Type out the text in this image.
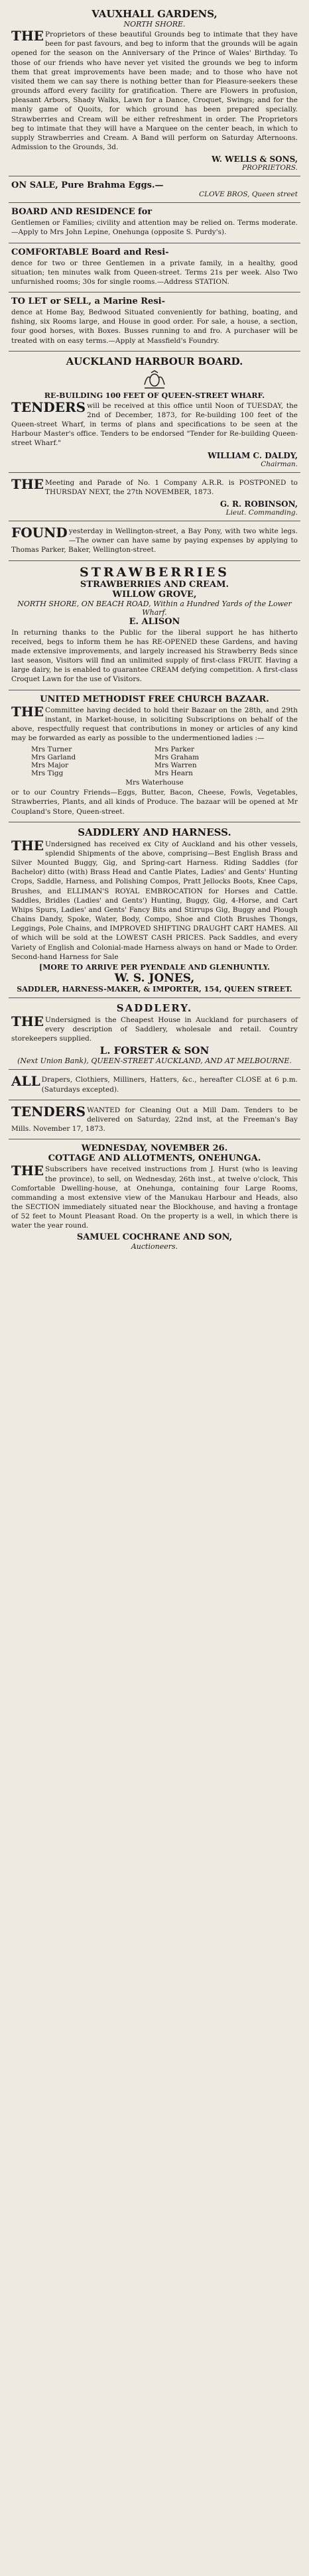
VAUXHALL GARDENS,
NORTH SHORE.
THE Proprietors of these beautiful Grounds beg to intimate that they have been for past favours, and beg to inform that the grounds will be again opened for the season on the Anniversary of the Prince of Wales' Birthday. To those of our friends who have never yet visited the grounds we beg to inform them that great improvements have been made; and to those who have not visited them we can say there is nothing better than for Pleasure-seekers these grounds afford every facility for gratification. There are Flowers in profusion, pleasant Arbors, Shady Walks, Lawn for a Dance, Croquet, Swings; and for the manly game of Quoits, for which ground has been prepared specially. Strawberries and Cream will be either refreshment in order. The Proprietors beg to intimate that they will have a Marquee on the center beach, in which to supply Strawberries and Cream. A Band will perform on Saturday Afternoons. Admission to the Grounds, 3d.
W. WELLS & SONS,
PROPRIETORS.
ON SALE, Pure Brahma Eggs.—
CLOVE BROS, Queen street
BOARD AND RESIDENCE for
Gentlemen or Families; civility and attention may be relied on. Terms moderate.—Apply to Mrs John Lepine, Onehunga (opposite S. Purdy's).
COMFORTABLE Board and Resi-
dence for two or three Gentlemen in a private family, in a healthy, good situation; ten minutes walk from Queen-street. Terms 21s per week. Also Two unfurnished rooms; 30s for single rooms.—Address STATION.
TO LET or SELL, a Marine Resi-
dence at Home Bay, Bedwood Situated conveniently for bathing, boating, and fishing, six Rooms large, and House in good order. For sale, a house, a section, four good horses, with Boxes. Busses running to and fro. A purchaser will be treated with on easy terms.—Apply at Massfield's Foundry.
AUCKLAND HARBOUR BOARD.
RE-BUILDING 100 FEET OF QUEEN-STREET WHARF.
TENDERS will be received at this office until Noon of TUESDAY, the 2nd of December, 1873, for Re-building 100 feet of the Queen-street Wharf, in terms of plans and specifications to be seen at the Harbour Master's office. Tenders to be endorsed "Tender for Re-building Queen-street Wharf."
WILLIAM C. DALDY,
Chairman.
THE Meeting and Parade of No. 1 Company A.R.R. is POSTPONED to THURSDAY NEXT, the 27th NOVEMBER, 1873.
G. R. ROBINSON,
Lieut. Commanding.
FOUND yesterday in Wellington-street, a Bay Pony, with two white legs.—The owner can have same by paying expenses by applying to Thomas Parker, Baker, Wellington-street.
STRAWBERRIES
STRAWBERRIES AND CREAM.
WILLOW GROVE,
NORTH SHORE, ON BEACH ROAD, Within a Hundred Yards of the Lower Wharf.
E. ALISON
In returning thanks to the Public for the liberal support he has hitherto received, begs to inform them he has RE-OPENED these Gardens, and having made extensive improvements, and largely increased his Strawberry Beds since last season, Visitors will find an unlimited supply of first-class FRUIT. Having a large dairy, he is enabled to guarantee CREAM defying competition. A first-class Croquet Lawn for the use of Visitors.
UNITED METHODIST FREE CHURCH BAZAAR.
THE Committee having decided to hold their Bazaar on the 28th, and 29th instant, in Market-house, in soliciting Subscriptions on behalf of the above, respectfully request that contributions in money or articles of any kind may be forwarded as early as possible to the undermentioned ladies :—
Mrs Turner	Mrs Parker
Mrs Garland	Mrs Graham
Mrs Major	Mrs Warren
Mrs Tigg	Mrs Hearn
Mrs Waterhouse
or to our Country Friends—Eggs, Butter, Bacon, Cheese, Fowls, Vegetables, Strawberries, Plants, and all kinds of Produce. The bazaar will be opened at Mr Coupland's Store, Queen-street.
SADDLERY AND HARNESS.
THE Undersigned has received ex City of Auckland and his other vessels, splendid Shipments of the above, comprising—Best English Brass and Silver Mounted Buggy, Gig, and Spring-cart Harness. Riding Saddles (for Bachelor) ditto (with) Brass Head and Cantle Plates, Ladies' and Gents' Hunting Crops, Saddle, Harness, and Polishing Compos, Pratt Jellocks Boots, Knee Caps, Brushes, and ELLIMAN'S ROYAL EMBROCATION for Horses and Cattle. Saddles, Bridles (Ladies' and Gents') Hunting, Buggy, Gig, 4-Horse, and Cart Whips Spurs, Ladies' and Gents' Fancy Bits and Stirrups Gig, Buggy and Plough Chains Dandy, Spoke, Water, Body, Compo, Shoe and Cloth Brushes Thongs, Leggings, Pole Chains, and IMPROVED SHIFTING DRAUGHT CART HAMES. All of which will be sold at the LOWEST CASH PRICES. Pack Saddles, and every Variety of English and Colonial-made Harness always on hand or Made to Order. Second-hand Harness for Sale
[MORE TO ARRIVE PER PYENDALE AND GLENHUNTLY.
W. S. JONES,
SADDLER, HARNESS-MAKER, & IMPORTER, 154, QUEEN STREET.
SADDLERY.
THE Undersigned is the Cheapest House in Auckland for purchasers of every description of Saddlery, wholesale and retail. Country storekeepers supplied.
L. FORSTER & SON
(Next Union Bank), QUEEN-STREET AUCKLAND, AND AT MELBOURNE.
ALL Drapers, Clothiers, Milliners, Hatters, &c., hereafter CLOSE at 6 p.m. (Saturdays excepted).
TENDERS WANTED for Cleaning Out a Mill Dam. Tenders to be delivered on Saturday, 22nd inst, at the Freeman's Bay Mills. November 17, 1873.
WEDNESDAY, NOVEMBER 26.
COTTAGE AND ALLOTMENTS, ONEHUNGA.
THE Subscribers have received instructions from J. Hurst (who is leaving the province), to sell, on Wednesday, 26th inst., at twelve o'clock, This Comfortable Dwelling-house, at Onehunga, containing four Large Rooms, commanding a most extensive view of the Manukau Harbour and Heads, also the SECTION immediately situated near the Blockhouse, and having a frontage of 52 feet to Mount Pleasant Road. On the property is a well, in which there is water the year round.
SAMUEL COCHRANE AND SON,
Auctioneers.
